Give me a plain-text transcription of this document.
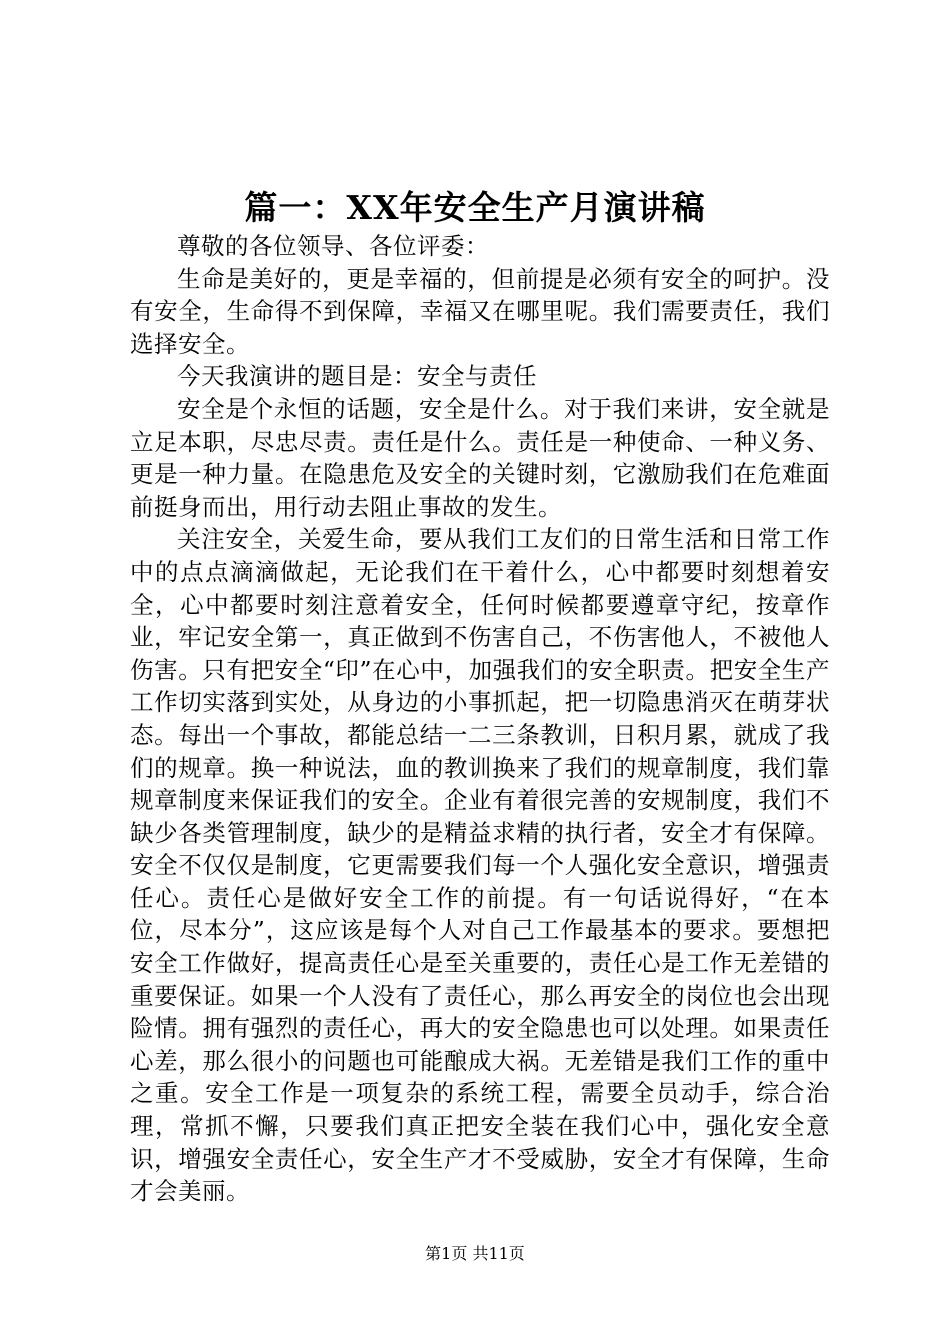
篇一：XX年安全生产月演讲稿

尊敬的各位领导、各位评委：

生命是美好的，更是幸福的，但前提是必须有安全的呵护。没有安全，生命得不到保障，幸福又在哪里呢。我们需要责任，我们选择安全。

今天我演讲的题目是：安全与责任

安全是个永恒的话题，安全是什么。对于我们来讲，安全就是立足本职，尽忠尽责。责任是什么。责任是一种使命、一种义务、更是一种力量。在隐患危及安全的关键时刻，它激励我们在危难面前挺身而出，用行动去阻止事故的发生。

关注安全，关爱生命，要从我们工友们的日常生活和日常工作中的点点滴滴做起，无论我们在干着什么，心中都要时刻想着安全，心中都要时刻注意着安全，任何时候都要遵章守纪，按章作业，牢记安全第一，真正做到不伤害自己，不伤害他人，不被他人伤害。只有把安全“印”在心中，加强我们的安全职责。把安全生产工作切实落到实处，从身边的小事抓起，把一切隐患消灭在萌芽状态。每出一个事故，都能总结一二三条教训，日积月累，就成了我们的规章。换一种说法，血的教训换来了我们的规章制度，我们靠规章制度来保证我们的安全。企业有着很完善的安规制度，我们不缺少各类管理制度，缺少的是精益求精的执行者，安全才有保障。安全不仅仅是制度，它更需要我们每一个人强化安全意识，增强责任心。责任心是做好安全工作的前提。有一句话说得好，“在本位，尽本分”，这应该是每个人对自己工作最基本的要求。要想把安全工作做好，提高责任心是至关重要的，责任心是工作无差错的重要保证。如果一个人没有了责任心，那么再安全的岗位也会出现险情。拥有强烈的责任心，再大的安全隐患也可以处理。如果责任心差，那么很小的问题也可能酿成大祸。无差错是我们工作的重中之重。安全工作是一项复杂的系统工程，需要全员动手，综合治理，常抓不懈，只要我们真正把安全装在我们心中，强化安全意识，增强安全责任心，安全生产才不受威胁，安全才有保障，生命才会美丽。

第1页 共11页
